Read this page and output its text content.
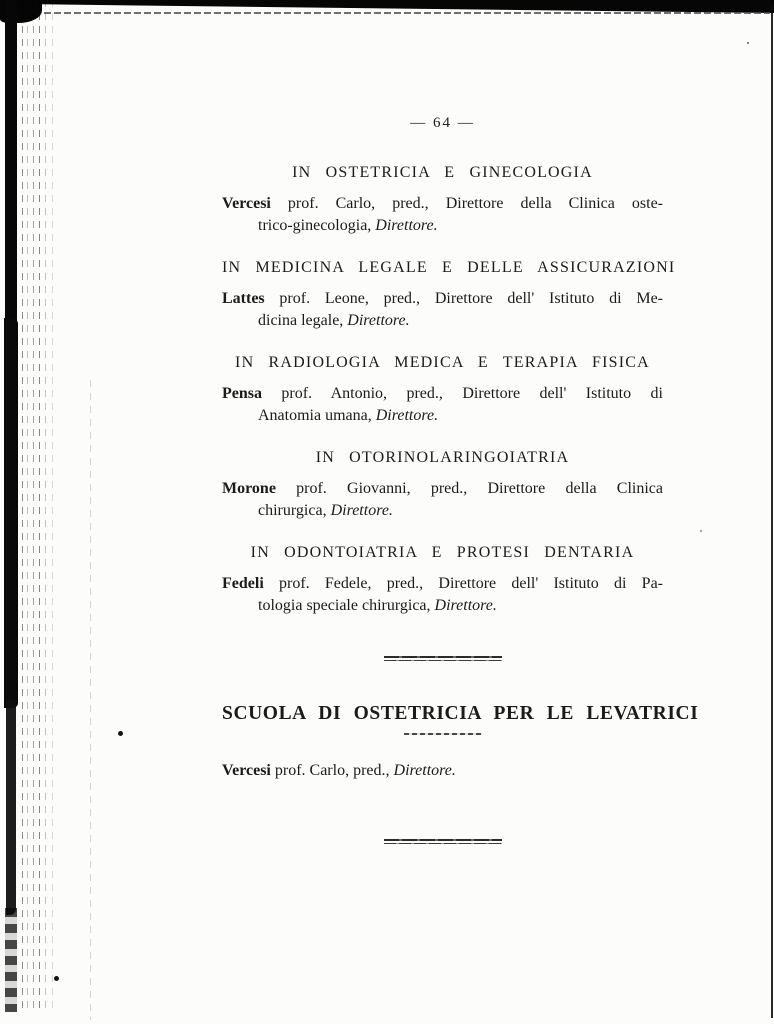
— 64 —
IN OSTETRICIA E GINECOLOGIA

Vercesi prof. Carlo, pred., Direttore della Clinica oste-
trico-ginecologia, Direttore.

IN MEDICINA LEGALE E DELLE ASSICURAZIONI

Lattes prof. Leone, pred., Direttore dell' Istituto di Me-
dicina legale, Direttore.

IN RADIOLOGIA MEDICA E TERAPIA FISICA

Pensa prof. Antonio, pred., Direttore dell' Istituto di
Anatomia umana, Direttore.

IN OTORINOLARINGOIATRIA

Morone prof. Giovanni, pred., Direttore della Clinica
chirurgica, Direttore.

IN ODONTOIATRIA E PROTESI DENTARIA

Fedeli prof. Fedele, pred., Direttore dell' Istituto di Pa-
tologia speciale chirurgica, Direttore.

SCUOLA DI OSTETRICIA PER LE LEVATRICI

Vercesi prof. Carlo, pred., Direttore.
